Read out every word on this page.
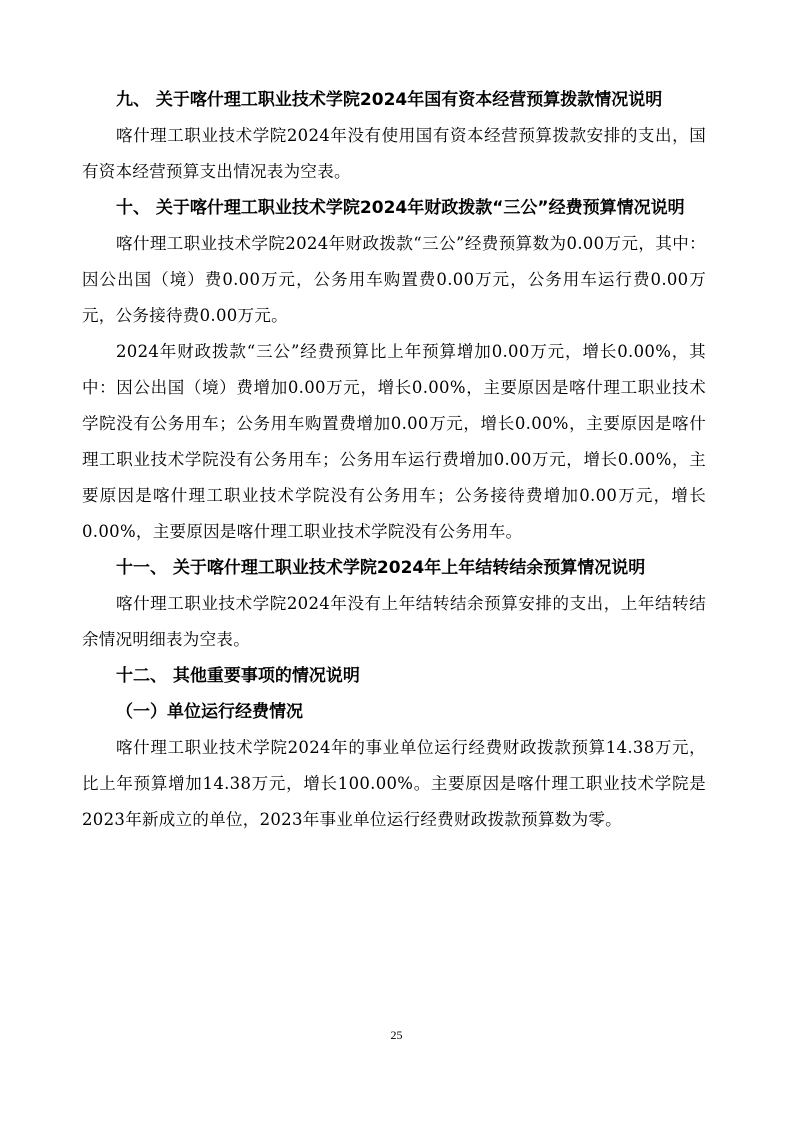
九、 关于喀什理工职业技术学院2024年国有资本经营预算拨款情况说明

喀什理工职业技术学院2024年没有使用国有资本经营预算拨款安排的支出，国有资本经营预算支出情况表为空表。

十、 关于喀什理工职业技术学院2024年财政拨款“三公”经费预算情况说明

喀什理工职业技术学院2024年财政拨款“三公”经费预算数为0.00万元，其中：因公出国（境）费0.00万元，公务用车购置费0.00万元，公务用车运行费0.00万元，公务接待费0.00万元。

2024年财政拨款“三公”经费预算比上年预算增加0.00万元，增长0.00%，其中：因公出国（境）费增加0.00万元，增长0.00%，主要原因是喀什理工职业技术学院没有公务用车；公务用车购置费增加0.00万元，增长0.00%，主要原因是喀什理工职业技术学院没有公务用车；公务用车运行费增加0.00万元，增长0.00%，主要原因是喀什理工职业技术学院没有公务用车；公务接待费增加0.00万元，增长0.00%，主要原因是喀什理工职业技术学院没有公务用车。

十一、 关于喀什理工职业技术学院2024年上年结转结余预算情况说明

喀什理工职业技术学院2024年没有上年结转结余预算安排的支出，上年结转结余情况明细表为空表。

十二、 其他重要事项的情况说明
（一）单位运行经费情况

喀什理工职业技术学院2024年的事业单位运行经费财政拨款预算14.38万元，比上年预算增加14.38万元，增长100.00%。主要原因是喀什理工职业技术学院是2023年新成立的单位，2023年事业单位运行经费财政拨款预算数为零。

25
